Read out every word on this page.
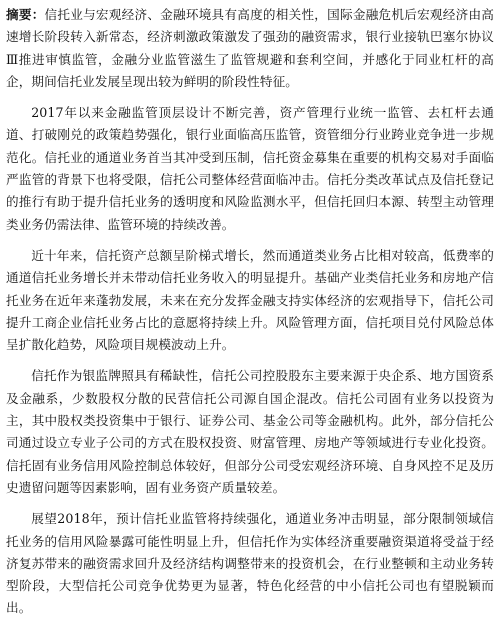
摘要：信托业与宏观经济、金融环境具有高度的相关性，国际金融危机后宏观经济由高速增长阶段转入新常态，经济刺激政策激发了强劲的融资需求，银行业接轨巴塞尔协议Ⅲ推进审慎监管，金融分业监管滋生了监管规避和套利空间，并感化于同业杠杆的高企，期间信托业发展呈现出较为鲜明的阶段性特征。

2017年以来金融监管顶层设计不断完善，资产管理行业统一监管、去杠杆去通道、打破刚兑的政策趋势强化，银行业面临高压监管，资管细分行业跨业竞争进一步规范化。信托业的通道业务首当其冲受到压制，信托资金募集在重要的机构交易对手面临严监管的背景下也将受限，信托公司整体经营面临冲击。信托分类改革试点及信托登记的推行有助于提升信托业务的透明度和风险监测水平，但信托回归本源、转型主动管理类业务仍需法律、监管环境的持续改善。

近十年来，信托资产总额呈阶梯式增长，然而通道类业务占比相对较高，低费率的通道信托业务增长并未带动信托业务收入的明显提升。基础产业类信托业务和房地产信托业务在近年来蓬勃发展，未来在充分发挥金融支持实体经济的宏观指导下，信托公司提升工商企业信托业务占比的意愿将持续上升。风险管理方面，信托项目兑付风险总体呈扩散化趋势，风险项目规模波动上升。

信托作为银监牌照具有稀缺性，信托公司控股股东主要来源于央企系、地方国资系及金融系，少数股权分散的民营信托公司源自国企混改。信托公司固有业务以投资为主，其中股权类投资集中于银行、证券公司、基金公司等金融机构。此外，部分信托公司通过设立专业子公司的方式在股权投资、财富管理、房地产等领域进行专业化投资。信托固有业务信用风险控制总体较好，但部分公司受宏观经济环境、自身风控不足及历史遗留问题等因素影响，固有业务资产质量较差。

展望2018年，预计信托业监管将持续强化，通道业务冲击明显，部分限制领域信托业务的信用风险暴露可能性明显上升，但信托作为实体经济重要融资渠道将受益于经济复苏带来的融资需求回升及经济结构调整带来的投资机会，在行业整顿和主动业务转型阶段，大型信托公司竞争优势更为显著，特色化经营的中小信托公司也有望脱颖而出。
